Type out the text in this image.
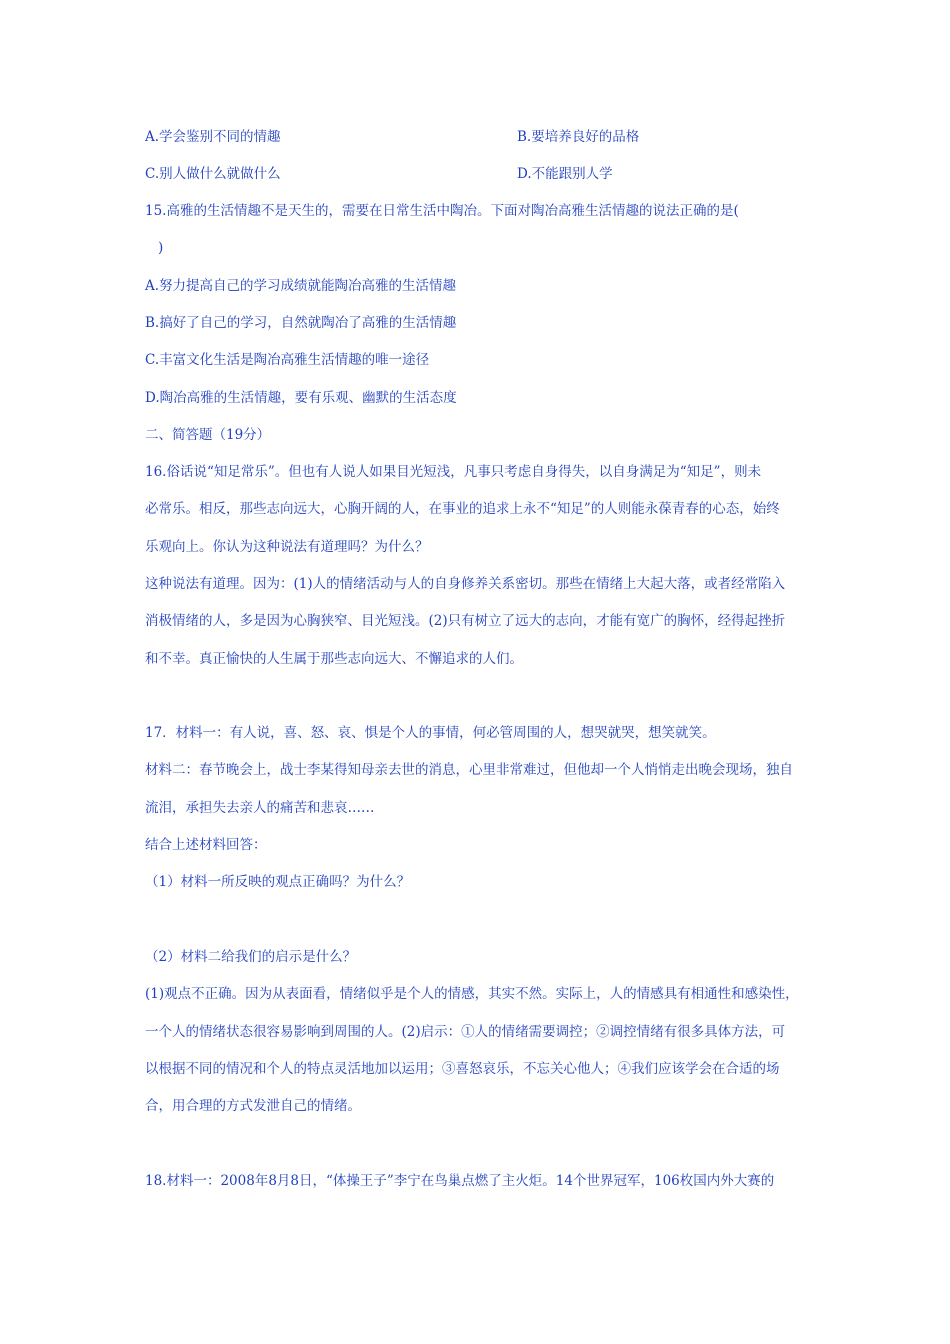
A.学会鉴别不同的情趣	B.要培养良好的品格
C.别人做什么就做什么	D.不能跟别人学
15.高雅的生活情趣不是天生的，需要在日常生活中陶冶。下面对陶冶高雅生活情趣的说法正确的是(
)
A.努力提高自己的学习成绩就能陶冶高雅的生活情趣
B.搞好了自己的学习，自然就陶冶了高雅的生活情趣
C.丰富文化生活是陶冶高雅生活情趣的唯一途径
D.陶冶高雅的生活情趣，要有乐观、幽默的生活态度
二、简答题（19分）
16.俗话说“知足常乐”。但也有人说人如果目光短浅，凡事只考虑自身得失，以自身满足为“知足”，则未
必常乐。相反，那些志向远大，心胸开阔的人，在事业的追求上永不“知足”的人则能永葆青春的心态，始终
乐观向上。你认为这种说法有道理吗？为什么？
这种说法有道理。因为：(1)人的情绪活动与人的自身修养关系密切。那些在情绪上大起大落，或者经常陷入
消极情绪的人，多是因为心胸狭窄、目光短浅。(2)只有树立了远大的志向，才能有宽广的胸怀，经得起挫折
和不幸。真正愉快的人生属于那些志向远大、不懈追求的人们。
17．材料一：有人说，喜、怒、哀、惧是个人的事情，何必管周围的人，想哭就哭，想笑就笑。
材料二：春节晚会上，战士李某得知母亲去世的消息，心里非常难过，但他却一个人悄悄走出晚会现场，独自
流泪，承担失去亲人的痛苦和悲哀……
结合上述材料回答：
（1）材料一所反映的观点正确吗？为什么？
（2）材料二给我们的启示是什么？
(1)观点不正确。因为从表面看，情绪似乎是个人的情感，其实不然。实际上，人的情感具有相通性和感染性，
一个人的情绪状态很容易影响到周围的人。(2)启示：①人的情绪需要调控；②调控情绪有很多具体方法，可
以根据不同的情况和个人的特点灵活地加以运用；③喜怒哀乐，不忘关心他人；④我们应该学会在合适的场
合，用合理的方式发泄自己的情绪。
18.材料一：2008年8月8日，“体操王子”李宁在鸟巢点燃了主火炬。14个世界冠军，106枚国内外大赛的
